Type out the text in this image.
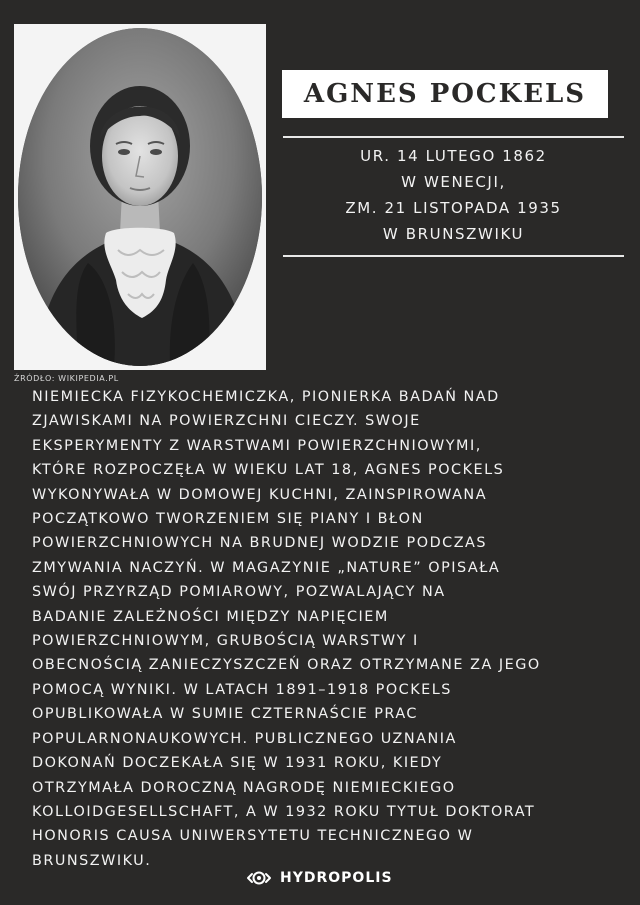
ŹRÓDŁO: WIKIPEDIA.PL
AGNES POCKELS
UR. 14 LUTEGO 1862
W WENECJI,
ZM. 21 LISTOPADA 1935
W BRUNSZWIKU
NIEMIECKA FIZYKOCHEMICZKA, PIONIERKA BADAŃ NAD
ZJAWISKAMI NA POWIERZCHNI CIECZY. SWOJE
EKSPERYMENTY Z WARSTWAMI POWIERZCHNIOWYMI,
KTÓRE ROZPOCZĘŁA W WIEKU LAT 18, AGNES POCKELS
WYKONYWAŁA W DOMOWEJ KUCHNI, ZAINSPIROWANA
POCZĄTKOWO TWORZENIEM SIĘ PIANY I BŁON
POWIERZCHNIOWYCH NA BRUDNEJ WODZIE PODCZAS
ZMYWANIA NACZYŃ. W MAGAZYNIE „NATURE” OPISAŁA
SWÓJ PRZYRZĄD POMIAROWY, POZWALAJĄCY NA
BADANIE ZALEŻNOŚCI MIĘDZY NAPIĘCIEM
POWIERZCHNIOWYM, GRUBOŚCIĄ WARSTWY I
OBECNOŚCIĄ ZANIECZYSZCZEŃ ORAZ OTRZYMANE ZA JEGO
POMOCĄ WYNIKI. W LATACH 1891–1918 POCKELS
OPUBLIKOWAŁA W SUMIE CZTERNAŚCIE PRAC
POPULARNONAUKOWYCH. PUBLICZNEGO UZNANIA
DOKONAŃ DOCZEKAŁA SIĘ W 1931 ROKU, KIEDY
OTRZYMAŁA DOROCZNĄ NAGRODĘ NIEMIECKIEGO
KOLLOIDGESELLSCHAFT, A W 1932 ROKU TYTUŁ DOKTORAT
HONORIS CAUSA UNIWERSYTETU TECHNICZNEGO W
BRUNSZWIKU.
HYDROPOLIS
